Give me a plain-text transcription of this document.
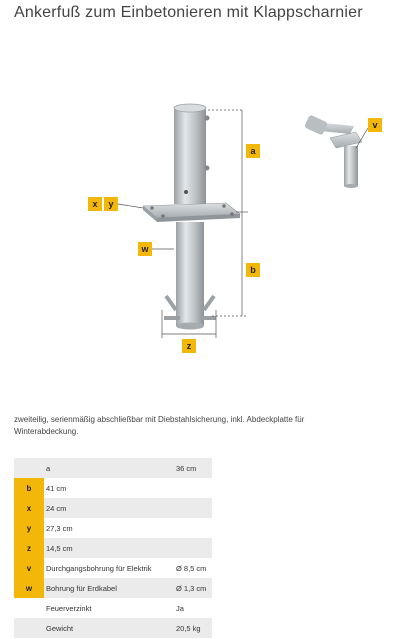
Ankerfuß zum Einbetonieren mit Klappscharnier
a
b
x y
w
z
v
zweiteilig, serienmäßig abschließbar mit Diebstahlsicherung, inkl. Abdeckplatte für Winterabdeckung.
	a	36 cm
b	41 cm	
x	24 cm	
y	27,3 cm	
z	14,5 cm	
v	Durchgangsbohrung für Elektrik	Ø 8,5 cm
w	Bohrung für Erdkabel	Ø 1,3 cm
	Feuerverzinkt	Ja
	Gewicht	20,5 kg
